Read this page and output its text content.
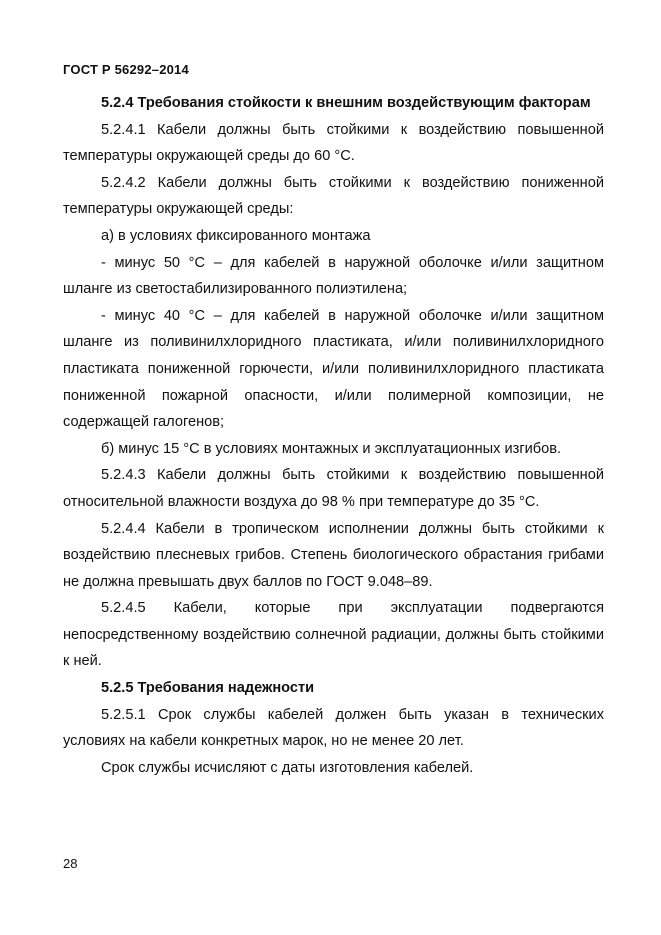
ГОСТ Р 56292–2014

5.2.4 Требования стойкости к внешним воздействующим факторам

5.2.4.1 Кабели должны быть стойкими к воздействию повышенной температуры окружающей среды до 60 °С.

5.2.4.2 Кабели должны быть стойкими к воздействию пониженной температуры окружающей среды:

а) в условиях фиксированного монтажа

- минус 50 °С – для кабелей в наружной оболочке и/или защитном шланге из светостабилизированного полиэтилена;

- минус 40 °С – для кабелей в наружной оболочке и/или защитном шланге из поливинилхлоридного пластиката, и/или поливинилхлоридного пластиката пониженной горючести, и/или поливинилхлоридного пластиката пониженной пожарной опасности, и/или полимерной композиции, не содержащей галогенов;

б) минус 15 °С в условиях монтажных и эксплуатационных изгибов.

5.2.4.3 Кабели должны быть стойкими к воздействию повышенной относительной влажности воздуха до 98 % при температуре до 35 °С.

5.2.4.4 Кабели в тропическом исполнении должны быть стойкими к воздействию плесневых грибов. Степень биологического обрастания грибами не должна превышать двух баллов по ГОСТ 9.048–89.

5.2.4.5 Кабели, которые при эксплуатации подвергаются непосредственному воздействию солнечной радиации, должны быть стойкими к ней.

5.2.5 Требования надежности

5.2.5.1 Срок службы кабелей должен быть указан в технических условиях на кабели конкретных марок, но не менее 20 лет.

Срок службы исчисляют с даты изготовления кабелей.

28
